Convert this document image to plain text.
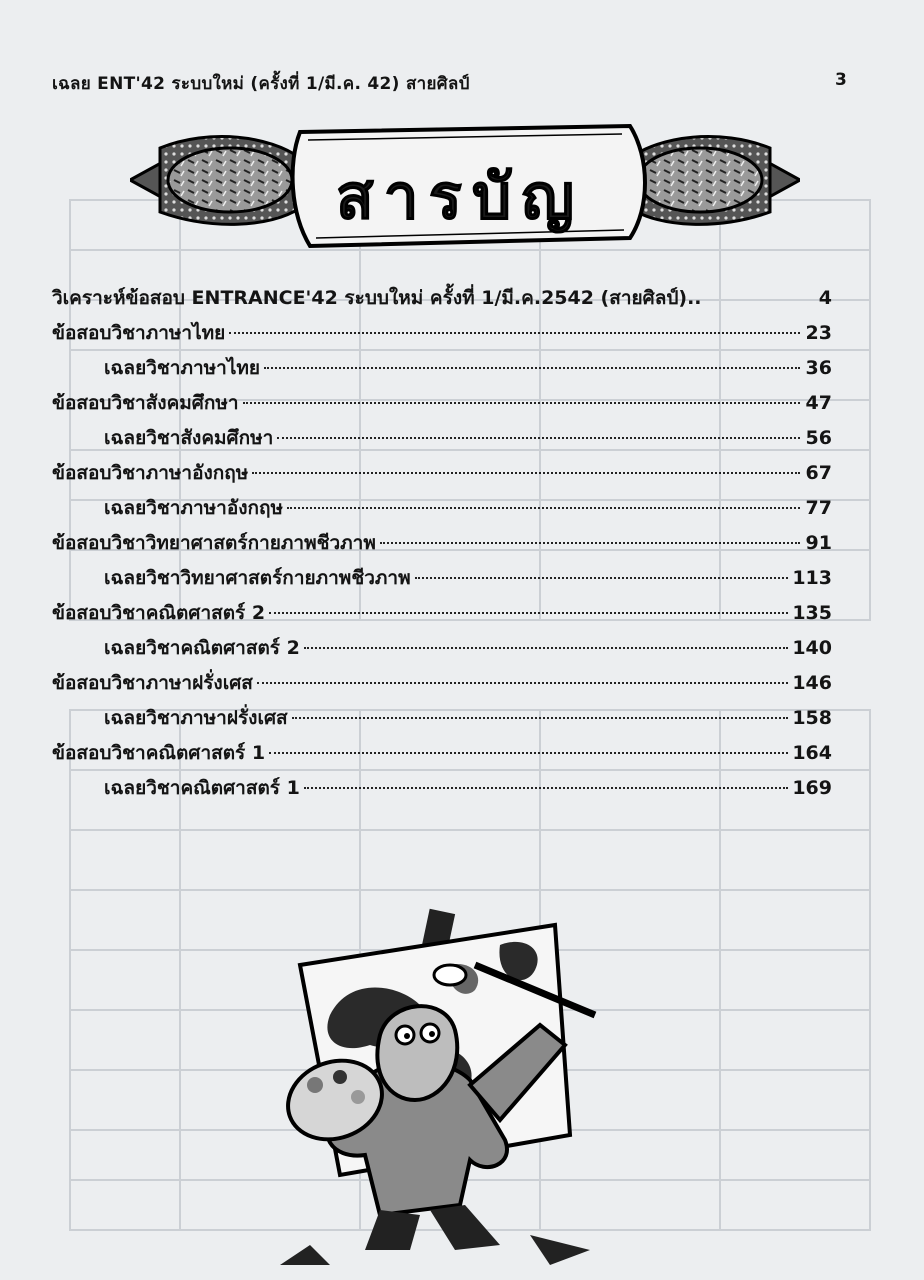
เฉลย ENT'42 ระบบใหม่ (ครั้งที่ 1/มี.ค. 42) สายศิลป์	3
สารบัญ
วิเคราะห์ข้อสอบ ENTRANCE'42 ระบบใหม่ ครั้งที่ 1/มี.ค.2542 (สายศิลป์)..	4
ข้อสอบวิชาภาษาไทย	23
เฉลยวิชาภาษาไทย	36
ข้อสอบวิชาสังคมศึกษา	47
เฉลยวิชาสังคมศึกษา	56
ข้อสอบวิชาภาษาอังกฤษ	67
เฉลยวิชาภาษาอังกฤษ	77
ข้อสอบวิชาวิทยาศาสตร์กายภาพชีวภาพ	91
เฉลยวิชาวิทยาศาสตร์กายภาพชีวภาพ	113
ข้อสอบวิชาคณิตศาสตร์ 2	135
เฉลยวิชาคณิตศาสตร์ 2	140
ข้อสอบวิชาภาษาฝรั่งเศส	146
เฉลยวิชาภาษาฝรั่งเศส	158
ข้อสอบวิชาคณิตศาสตร์ 1	164
เฉลยวิชาคณิตศาสตร์ 1	169
